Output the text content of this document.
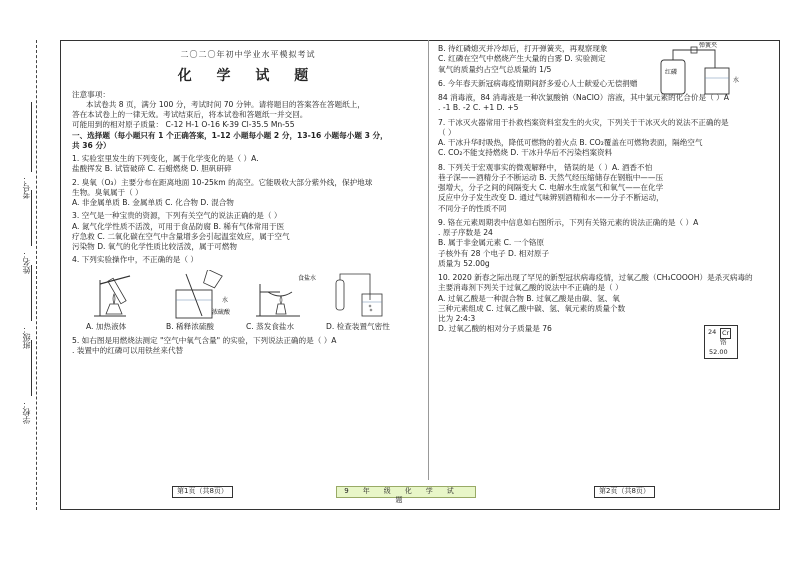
考号：
姓名：
班级：
学校：

二〇二〇年初中学业水平模拟考试

化 学 试 题

注意事项：

本试卷共 8 页，满分 100 分，考试时间 70 分钟。请将题目的答案答在答题纸上，

答在本试卷上的一律无效。考试结束后，将本试卷和答题纸一并交回。

可能用到的相对原子质量： C-12 H-1 O-16 K-39 Cl-35.5 Mn-55

一、选择题（每小题只有 1 个正确答案，1-12 小题每小题 2 分，13-16 小题每小题 3 分，

共 36 分）

1. 实验室里发生的下列变化，属于化学变化的是（ ）A.

盐酸挥发 B. 试管破碎 C. 石蜡燃烧 D. 胆矾研碎

2. 臭氧（O₃）主要分布在距离地面 10-25km 的高空。它能吸收大部分紫外线，保护地球

生物。臭氧属于（ ）

A. 非金属单质 B. 金属单质 C. 化合物 D. 混合物

3. 空气是一种宝贵的资源，下列有关空气的说法正确的是（ ）

A. 氮气化学性质不活泼，可用于食品防腐 B. 稀有气体常用于医

疗急救 C. 二氧化碳在空气中含量增多会引起温室效应，属于空气

污染物 D. 氧气的化学性质比较活泼，属于可燃物

4. 下列实验操作中，不正确的是（ ）

水
浓硫酸
食盐水
A. 加热液体	B. 稀释浓硫酸	C. 蒸发食盐水	D. 检查装置气密性

5. 如右图是用燃烧法测定 "空气中氧气含量" 的实验，下列说法正确的是（ ）A

. 装置中的红磷可以用铁丝来代替

B. 待红磷熄灭并冷却后，打开弹簧夹，再观察现象

C. 红磷在空气中燃烧产生大量的白雾 D. 实验测定

氧气的质量约占空气总质量的 1/5

6. 今年春天新冠病毒疫情期间舒多爱心人士献爱心无偿捐赠

84 消毒液，84 消毒液是一种次氯酸钠（NaClO）溶液，其中氯元素的化合价是（ ）A

. -1 B. -2 C. +1 D. +5

7. 干冰灭火器常用于扑救档案资料室发生的火灾，下列关于干冰灭火的说法不正确的是

（ ）

A. 干冰升华时吸热，降低可燃物的着火点 B. CO₂覆盖在可燃物表面，隔绝空气

C. CO₂不能支持燃烧 D. 干冰升华后不污染档案资料

8. 下列关于宏观事实的微观解释中， 错误的是（ ）A. 酒香不怕

巷子深——酒精分子不断运动 B. 天然气经压缩储存在钢瓶中——压

强增大，分子之间的间隔变大 C. 电解水生成氢气和氧气——在化学

反应中分子发生改变 D. 通过气味辨别酒精和水——分子不断运动，

不同分子的性质不同

9. 铬在元素周期表中信息如右图所示，下列有关铬元素的说法正确的是（ ）A

. 原子序数是 24

B. 属于非金属元素 C. 一个铬原

子核外有 28 个电子 D. 相对原子

质量为 52.00g

10. 2020 新春之际出现了罕见的新型冠状病毒疫情，过氧乙酸（CH₃COOOH）是杀灭病毒的

主要消毒剂下列关于过氧乙酸的说法中不正确的是（ ）

A. 过氧乙酸是一种混合物 B. 过氧乙酸是由碳、氢、氧

三种元素组成 C. 过氧乙酸中碳、氢、氧元素的质量个数

比为 2:4:3

D. 过氧乙酸的相对分子质量是 76

弹簧夹
红磷
水
24 Cr
铬
52.00
第1页（共8页）	9年级化学试题
第2页（共8页）
